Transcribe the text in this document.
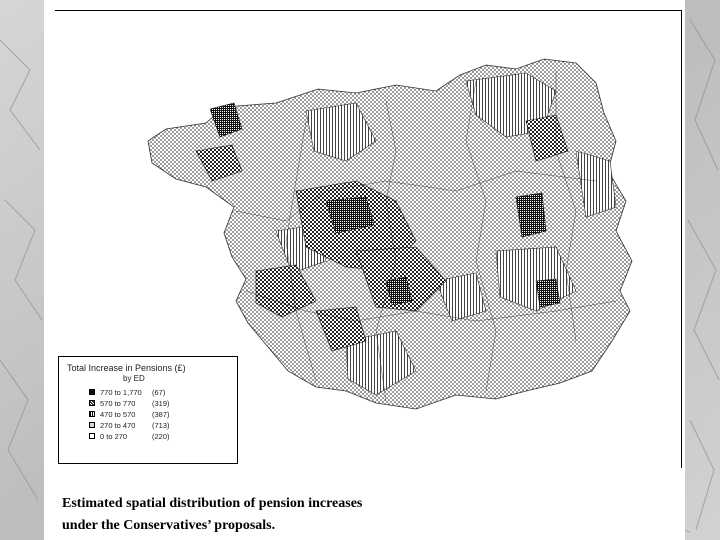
Total Increase in Pensions (£)
by ED
770 to 1,770	(67)
570 to 770	(319)
470 to 570	(387)
270 to 470	(713)
0 to 270	(220)
Estimated spatial distribution of pension increases
under the Conservatives’ proposals.
